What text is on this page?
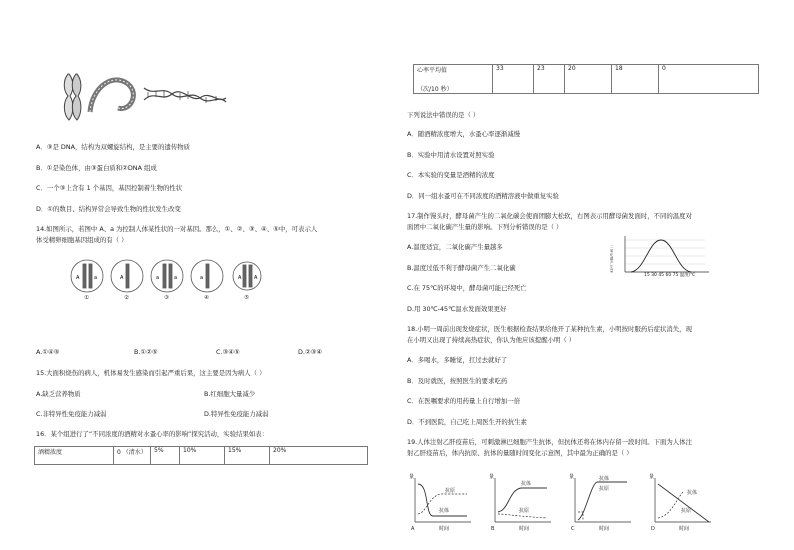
A．③是 DNA，结构为双螺旋结构，是主要的遗传物质
B．①是染色体，由③蛋白质和②DNA 组成
C．一个③上含有 1 个基因，基因控制着生物的性状
D．①的数目、结构异常会导致生物的性状发生改变
14.如图所示，若图中 A、a 为控制人体某性状的一对基因。那么，①、②、③、④、⑤中，可表示人
体受精卵细胞基因组成的有（ ）
A	a	A	a	a	a	A	A
①	②	③	④	⑤
A.①④⑤	B.①②⑤	C.③④⑤	D.②③④
15.大面积烧伤的病人，机体易发生感染而引起严重后果，这主要是因为病人（ ）
A.缺乏营养物质	B.红细胞大量减少
C.非特异性免疫能力减弱	D.特异性免疫能力减弱
16．某个组进行了“不同浓度的酒精对水蚤心率的影响”探究活动，实验结果如表：
酒精浓度	0 （清水）	5%	10%	15%	20%
心率平均值
（次/10 秒）
	33	23	20	18	0
下列说法中错误的是（ ）
A．随酒精浓度增大，水蚤心率逐渐减慢
B．实验中用清水设置对照实验
C．本实验的变量是酒精的浓度
D．同一组水蚤可在不同浓度的酒精溶液中做重复实验
17.制作馒头时，酵母菌产生的二氧化碳会使面团膨大松软，右图表示用酵母菌发面时，不同的温度对
面团中二氧化碳产生量的影响。下列分析错误的是（ ）
A.温度适宜，二氧化碳产生量越多
B.温度过低不利于酵母菌产生二氧化碳
C.在 75℃的环境中，酵母菌可能已经死亡
D.用 30℃-45℃温水发面效果更好
15 30 45 60 75 温度/℃
二氧化碳产生量
18.小明一周前出现发烧症状，医生根据检查结果给他开了某种抗生素，小明按时服药后症状消失，现
在小明又出现了持续高热症状，你认为他应该提醒小明（ ）
A．多喝水，多睡觉，扛过去就好了
B．及时就医，按照医生的要求吃药
C．在医嘱要求的用药量上自行增加一倍
D．不到医院，自己吃上周医生开的抗生素
19.人体注射乙肝疫苗后，可刺激淋巴细胞产生抗体，但抗体还将在体内存留一段时间。下面为人体注
射乙肝疫苗后，体内抗原、抗体的量随时间变化示意图，其中最为正确的是（ ）
量	量	量	量
时间	时间	时间	时间
抗原
抗体
抗体
抗原
抗体
抗原
抗体
抗原
A	B	C	D
